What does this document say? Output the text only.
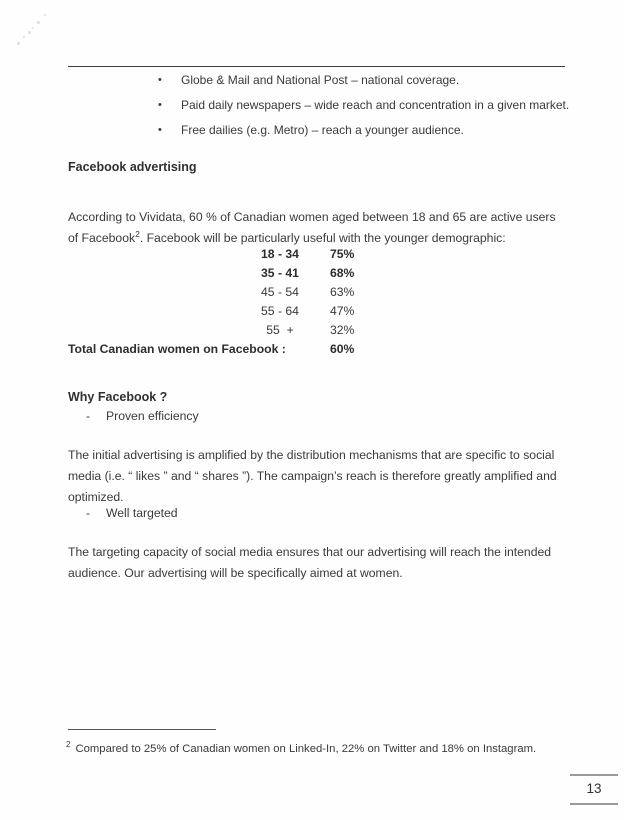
•	Globe & Mail and National Post – national coverage.
•	Paid daily newspapers – wide reach and concentration in a given market.
•	Free dailies (e.g. Metro) – reach a younger audience.
Facebook advertising

According to Vividata, 60 % of Canadian women aged between 18 and 65 are active users of Facebook$^2$. Facebook will be particularly useful with the younger demographic:

18 - 34	75%
35 - 41	68%
45 - 54	63%
55 - 64	47%
55  +	32%
Total Canadian women on Facebook :	60%
Why Facebook ?
- Proven efficiency

The initial advertising is amplified by the distribution mechanisms that are specific to social media (i.e. “ likes ” and “ shares ”). The campaign’s reach is therefore greatly amplified and optimized.

- Well targeted

The targeting capacity of social media ensures that our advertising will reach the intended audience. Our advertising will be specifically aimed at women.

$^2$ Compared to 25% of Canadian women on Linked-In, 22% on Twitter and 18% on Instagram.
13
